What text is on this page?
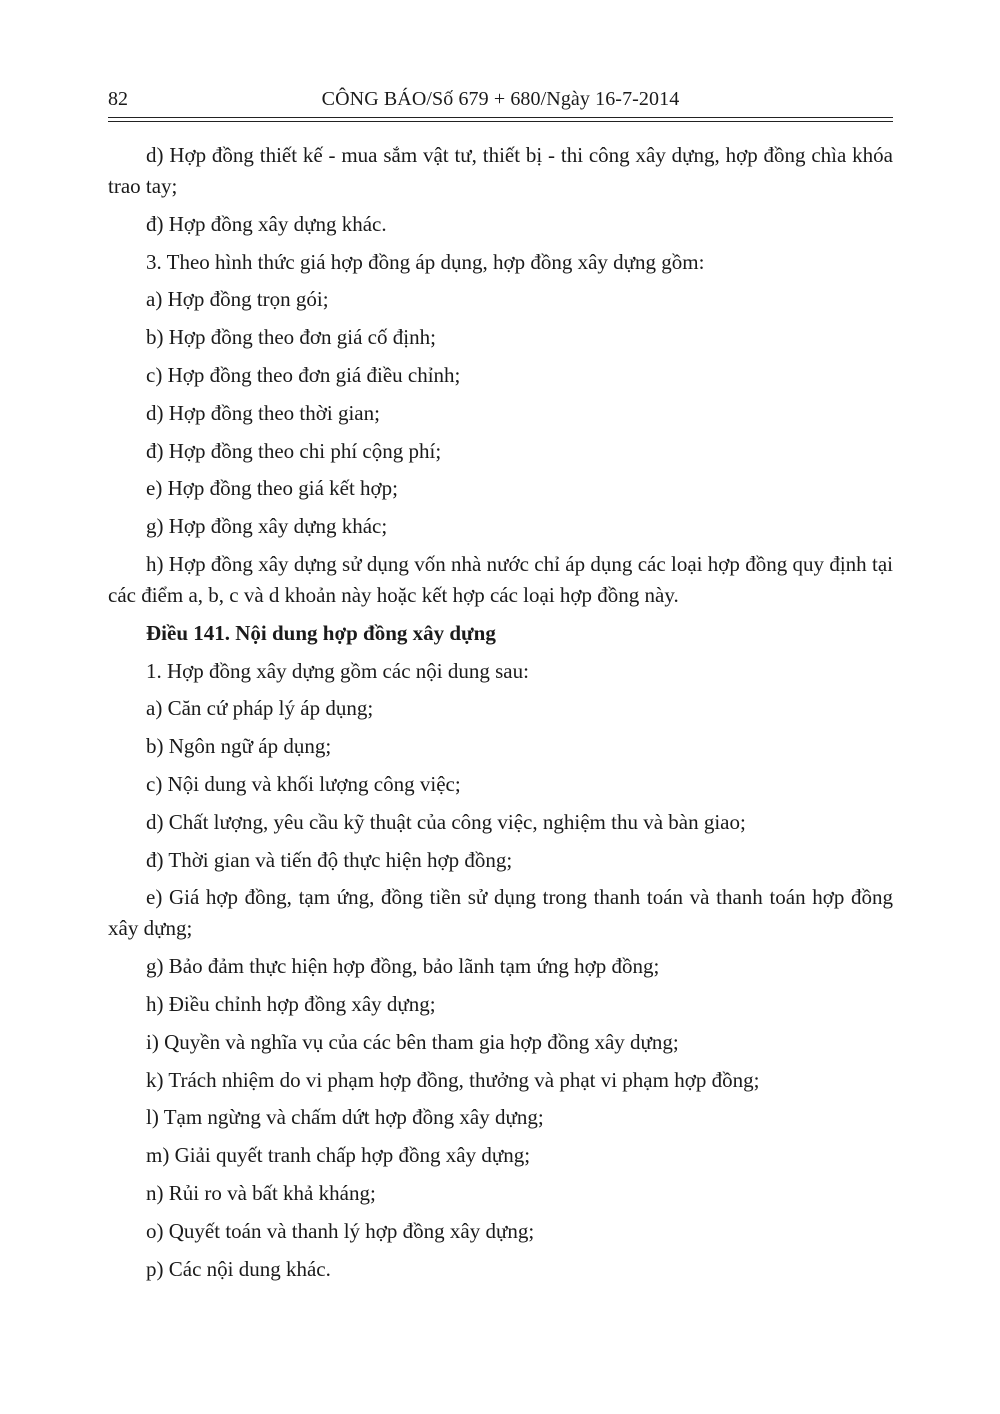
82	CÔNG BÁO/Số 679 + 680/Ngày 16-7-2014

d) Hợp đồng thiết kế - mua sắm vật tư, thiết bị - thi công xây dựng, hợp đồng chìa khóa trao tay;

đ) Hợp đồng xây dựng khác.

3. Theo hình thức giá hợp đồng áp dụng, hợp đồng xây dựng gồm:

a) Hợp đồng trọn gói;

b) Hợp đồng theo đơn giá cố định;

c) Hợp đồng theo đơn giá điều chỉnh;

d) Hợp đồng theo thời gian;

đ) Hợp đồng theo chi phí cộng phí;

e) Hợp đồng theo giá kết hợp;

g) Hợp đồng xây dựng khác;

h) Hợp đồng xây dựng sử dụng vốn nhà nước chỉ áp dụng các loại hợp đồng quy định tại các điểm a, b, c và d khoản này hoặc kết hợp các loại hợp đồng này.

Điều 141. Nội dung hợp đồng xây dựng

1. Hợp đồng xây dựng gồm các nội dung sau:

a) Căn cứ pháp lý áp dụng;

b) Ngôn ngữ áp dụng;

c) Nội dung và khối lượng công việc;

d) Chất lượng, yêu cầu kỹ thuật của công việc, nghiệm thu và bàn giao;

đ) Thời gian và tiến độ thực hiện hợp đồng;

e) Giá hợp đồng, tạm ứng, đồng tiền sử dụng trong thanh toán và thanh toán hợp đồng xây dựng;

g) Bảo đảm thực hiện hợp đồng, bảo lãnh tạm ứng hợp đồng;

h) Điều chỉnh hợp đồng xây dựng;

i) Quyền và nghĩa vụ của các bên tham gia hợp đồng xây dựng;

k) Trách nhiệm do vi phạm hợp đồng, thưởng và phạt vi phạm hợp đồng;

l) Tạm ngừng và chấm dứt hợp đồng xây dựng;

m) Giải quyết tranh chấp hợp đồng xây dựng;

n) Rủi ro và bất khả kháng;

o) Quyết toán và thanh lý hợp đồng xây dựng;

p) Các nội dung khác.
